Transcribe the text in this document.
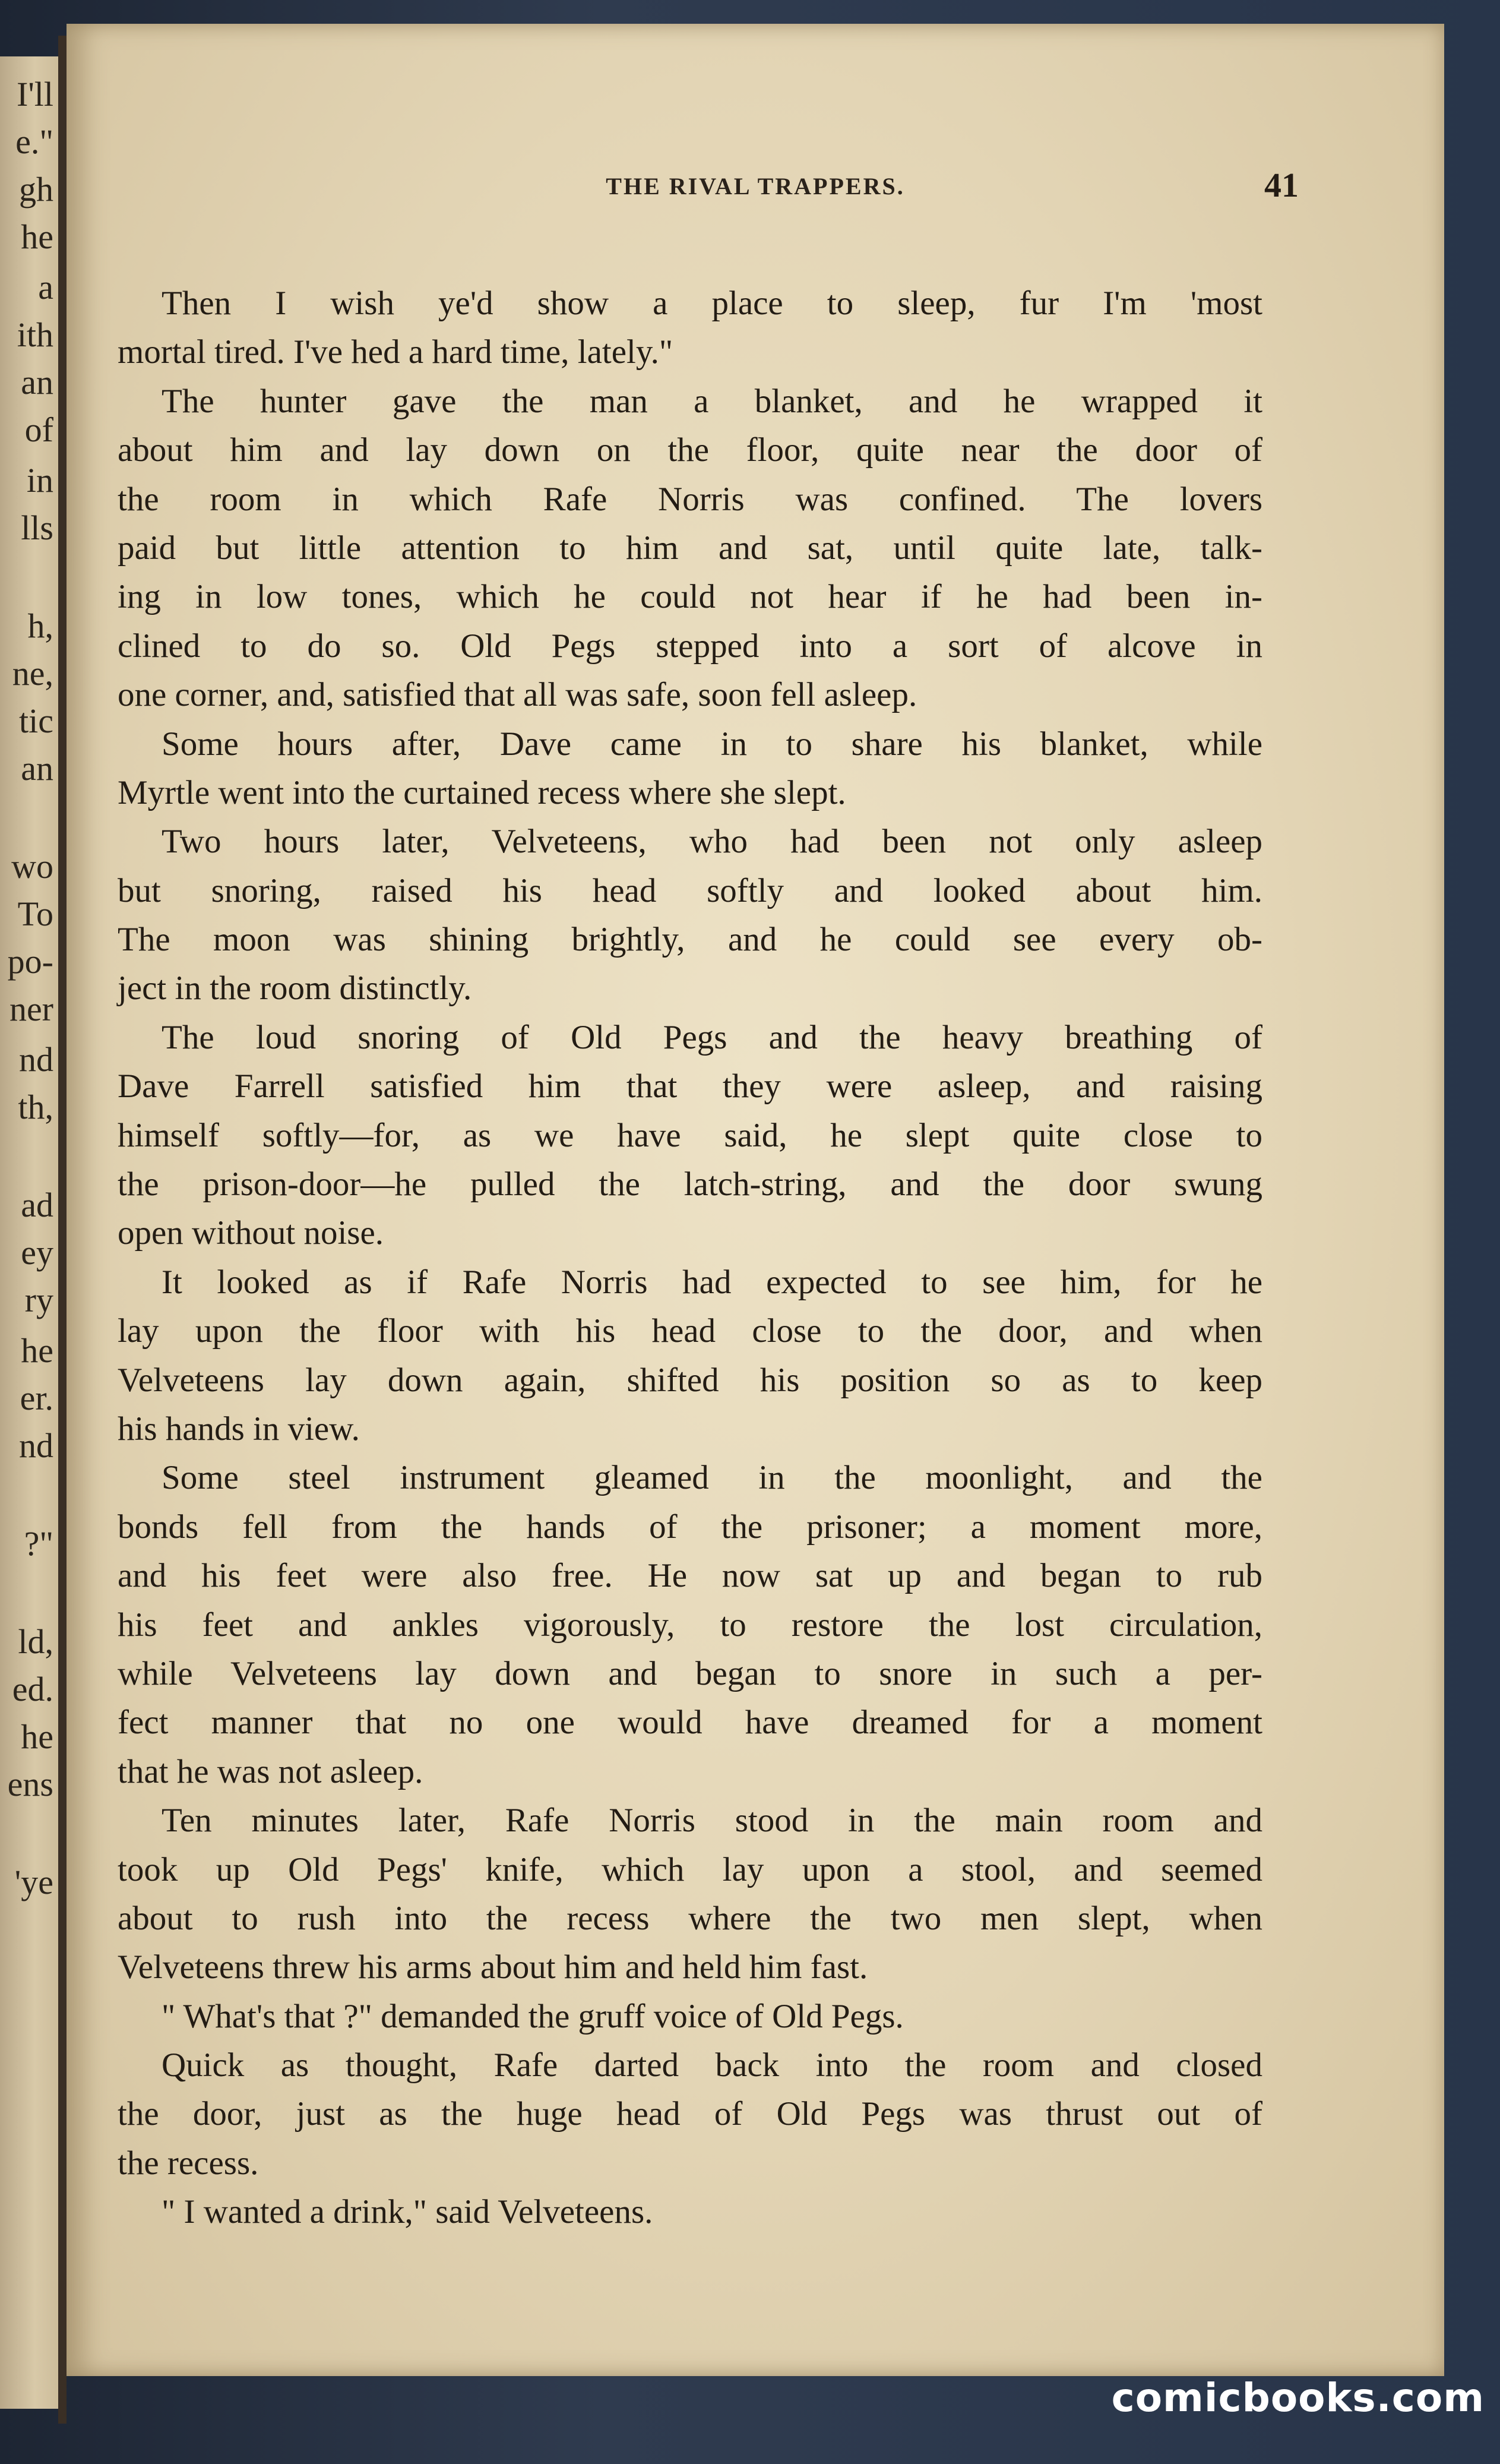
I'll
e."
gh
he
a
ith
an
of
in
lls
h,
ne,
tic
an
wo
To
po-
ner
nd
th,
ad
ey
ry
he
er.
nd
?"
ld,
ed.
he
ens
'ye
THE RIVAL TRAPPERS.	41
Then I wish ye'd show a place to sleep, fur I'm 'most
mortal tired. I've hed a hard time, lately."
The hunter gave the man a blanket, and he wrapped it
about him and lay down on the floor, quite near the door of
the room in which Rafe Norris was confined. The lovers
paid but little attention to him and sat, until quite late, talk-
ing in low tones, which he could not hear if he had been in-
clined to do so. Old Pegs stepped into a sort of alcove in
one corner, and, satisfied that all was safe, soon fell asleep.
Some hours after, Dave came in to share his blanket, while
Myrtle went into the curtained recess where she slept.
Two hours later, Velveteens, who had been not only asleep
but snoring, raised his head softly and looked about him.
The moon was shining brightly, and he could see every ob-
ject in the room distinctly.
The loud snoring of Old Pegs and the heavy breathing of
Dave Farrell satisfied him that they were asleep, and raising
himself softly—for, as we have said, he slept quite close to
the prison-door—he pulled the latch-string, and the door swung
open without noise.
It looked as if Rafe Norris had expected to see him, for he
lay upon the floor with his head close to the door, and when
Velveteens lay down again, shifted his position so as to keep
his hands in view.
Some steel instrument gleamed in the moonlight, and the
bonds fell from the hands of the prisoner; a moment more,
and his feet were also free. He now sat up and began to rub
his feet and ankles vigorously, to restore the lost circulation,
while Velveteens lay down and began to snore in such a per-
fect manner that no one would have dreamed for a moment
that he was not asleep.
Ten minutes later, Rafe Norris stood in the main room and
took up Old Pegs' knife, which lay upon a stool, and seemed
about to rush into the recess where the two men slept, when
Velveteens threw his arms about him and held him fast.
" What's that ?" demanded the gruff voice of Old Pegs.
Quick as thought, Rafe darted back into the room and closed
the door, just as the huge head of Old Pegs was thrust out of
the recess.
" I wanted a drink," said Velveteens.
comicbooks.com
